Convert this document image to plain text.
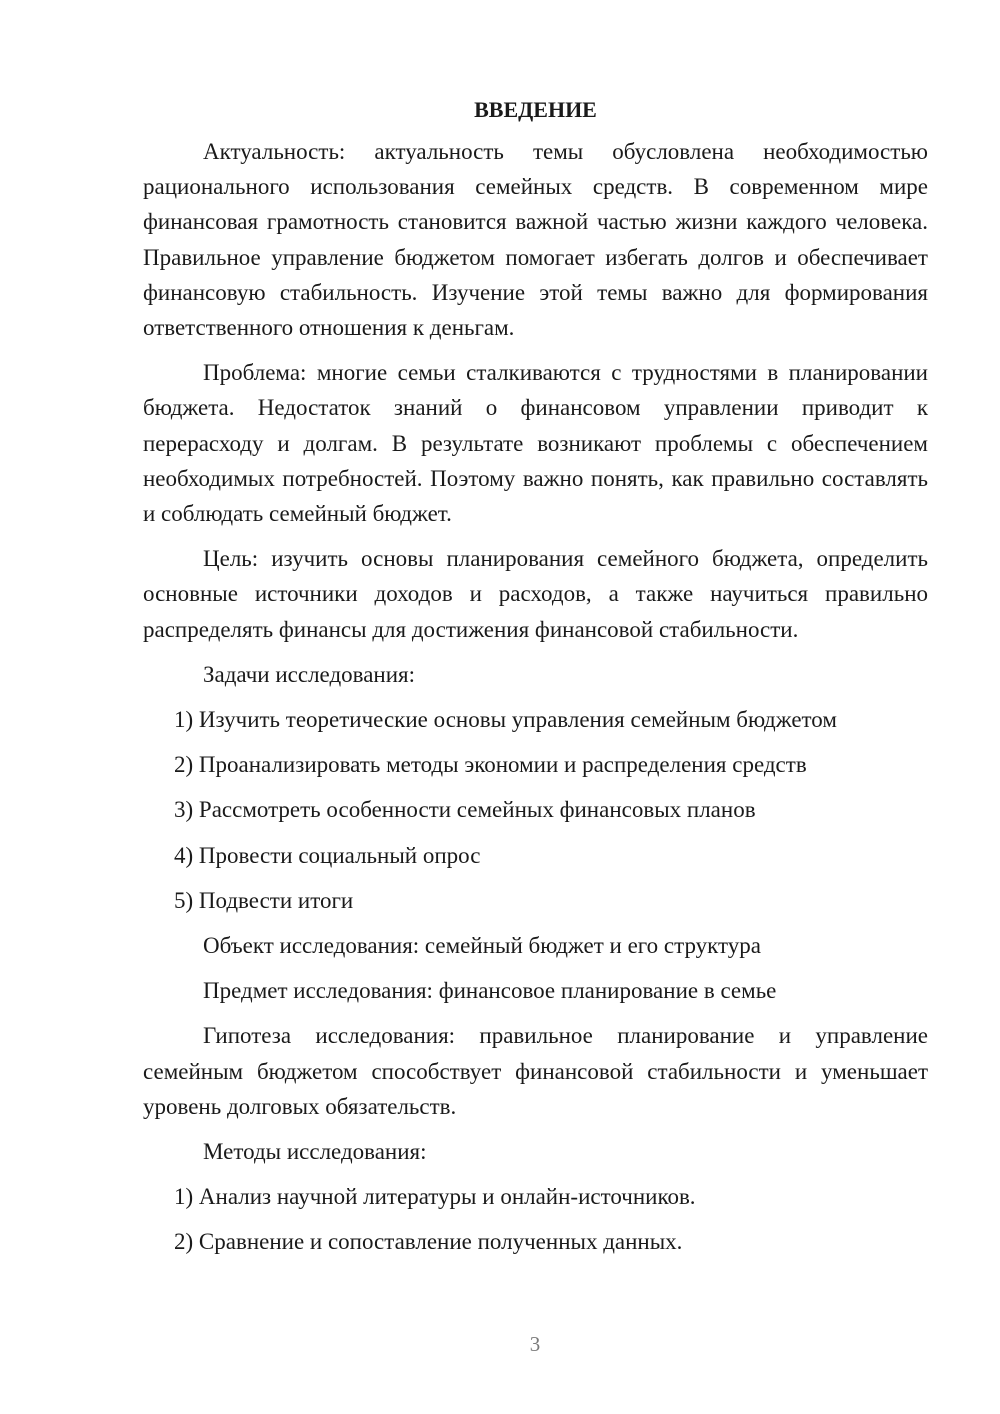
ВВЕДЕНИЕ

Актуальность: актуальность темы обусловлена необходимостью рационального использования семейных средств. В современном мире финансовая грамотность становится важной частью жизни каждого человека. Правильное управление бюджетом помогает избегать долгов и обеспечивает финансовую стабильность. Изучение этой темы важно для формирования ответственного отношения к деньгам.

Проблема: многие семьи сталкиваются с трудностями в планировании бюджета. Недостаток знаний о финансовом управлении приводит к перерасходу и долгам. В результате возникают проблемы с обеспечением необходимых потребностей. Поэтому важно понять, как правильно составлять и соблюдать семейный бюджет.

Цель: изучить основы планирования семейного бюджета, определить основные источники доходов и расходов, а также научиться правильно распределять финансы для достижения финансовой стабильности.

Задачи исследования:
1) Изучить теоретические основы управления семейным бюджетом
2) Проанализировать методы экономии и распределения средств
3) Рассмотреть особенности семейных финансовых планов
4) Провести социальный опрос
5) Подвести итоги
Объект исследования: семейный бюджет и его структура
Предмет исследования: финансовое планирование в семье

Гипотеза исследования: правильное планирование и управление семейным бюджетом способствует финансовой стабильности и уменьшает уровень долговых обязательств.

Методы исследования:
1) Анализ научной литературы и онлайн-источников.
2) Сравнение и сопоставление полученных данных.
3
